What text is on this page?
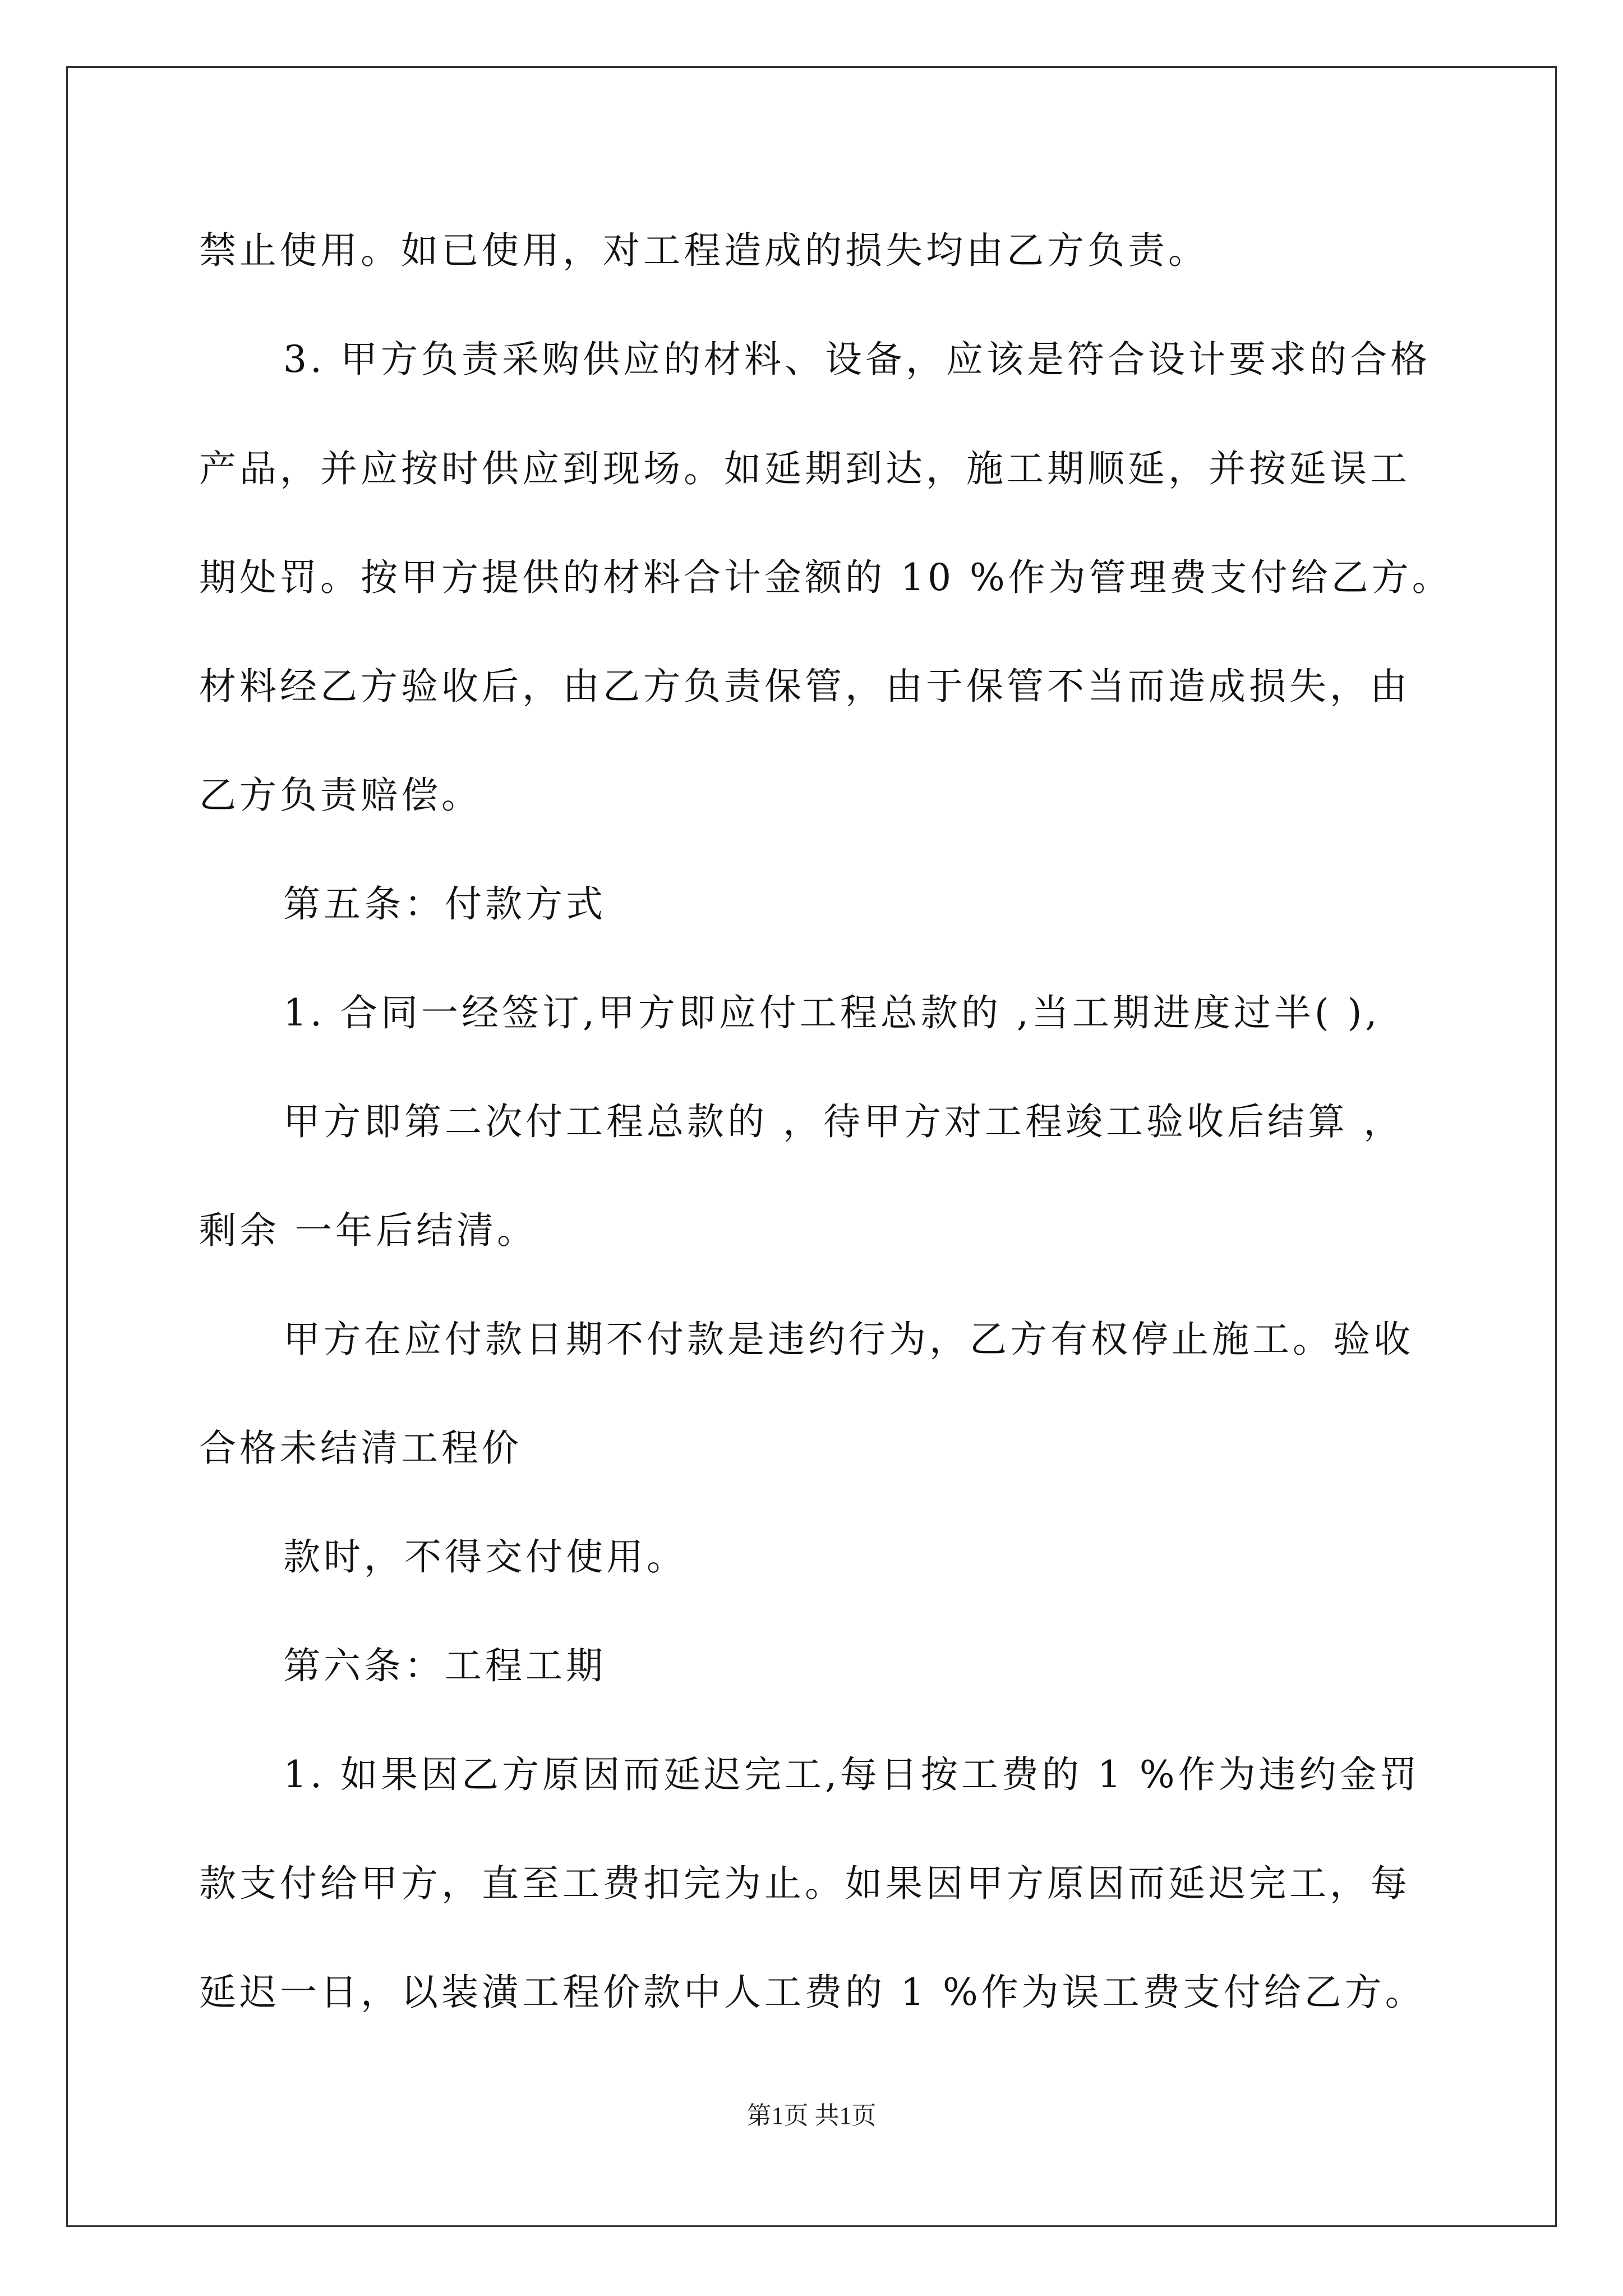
禁止使用。如已使用，对工程造成的损失均由乙方负责。
3. 甲方负责采购供应的材料、设备，应该是符合设计要求的合格
产品，并应按时供应到现场。如延期到达，施工期顺延，并按延误工
期处罚。按甲方提供的材料合计金额的 10 %作为管理费支付给乙方。
材料经乙方验收后，由乙方负责保管，由于保管不当而造成损失，由
乙方负责赔偿。
第五条：付款方式
1. 合同一经签订,甲方即应付工程总款的 ,当工期进度过半( ),
甲方即第二次付工程总款的 ，待甲方对工程竣工验收后结算 ，
剩余 一年后结清。
甲方在应付款日期不付款是违约行为，乙方有权停止施工。验收
合格未结清工程价
款时，不得交付使用。
第六条：工程工期
1. 如果因乙方原因而延迟完工,每日按工费的 1 %作为违约金罚
款支付给甲方，直至工费扣完为止。如果因甲方原因而延迟完工，每
延迟一日，以装潢工程价款中人工费的 1 %作为误工费支付给乙方。
第1页 共1页
